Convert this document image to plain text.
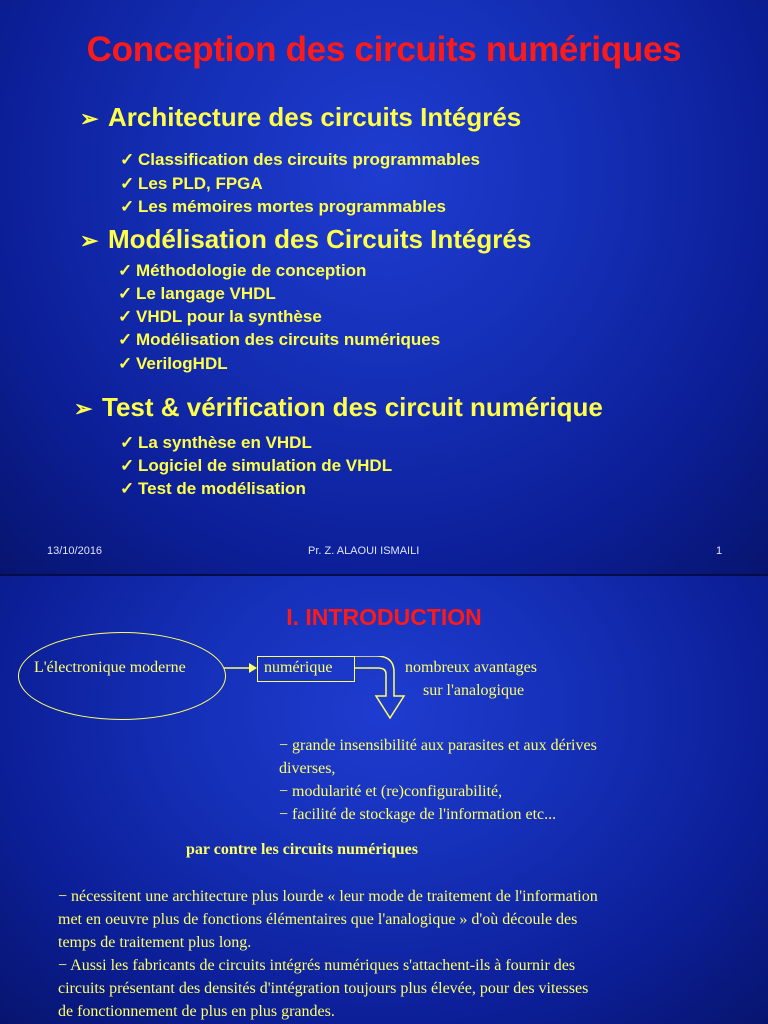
Conception des circuits numériques
➢ Architecture des circuits Intégrés
✓ Classification des circuits programmables
✓ Les PLD, FPGA
✓ Les mémoires mortes programmables
➢ Modélisation des Circuits Intégrés
✓ Méthodologie de conception
✓ Le langage VHDL
✓ VHDL pour la synthèse
✓ Modélisation des circuits numériques
✓ VerilogHDL
➢ Test & vérification des circuit numérique
✓ La synthèse en VHDL
✓ Logiciel de simulation de VHDL
✓ Test de modélisation
13/10/2016	Pr. Z. ALAOUI ISMAILI	1
I. INTRODUCTION
L'électronique moderne	numérique	nombreux avantages
sur l'analogique
− grande insensibilité aux parasites et aux dérives
diverses,
− modularité et (re)configurabilité,
− facilité de stockage de l'information etc...
par contre les circuits numériques
− nécessitent une architecture plus lourde « leur mode de traitement de l'information
met en oeuvre plus de fonctions élémentaires que l'analogique » d'où découle des
temps de traitement plus long.
− Aussi les fabricants de circuits intégrés numériques s'attachent-ils à fournir des
circuits présentant des densités d'intégration toujours plus élevée, pour des vitesses
de fonctionnement de plus en plus grandes.
